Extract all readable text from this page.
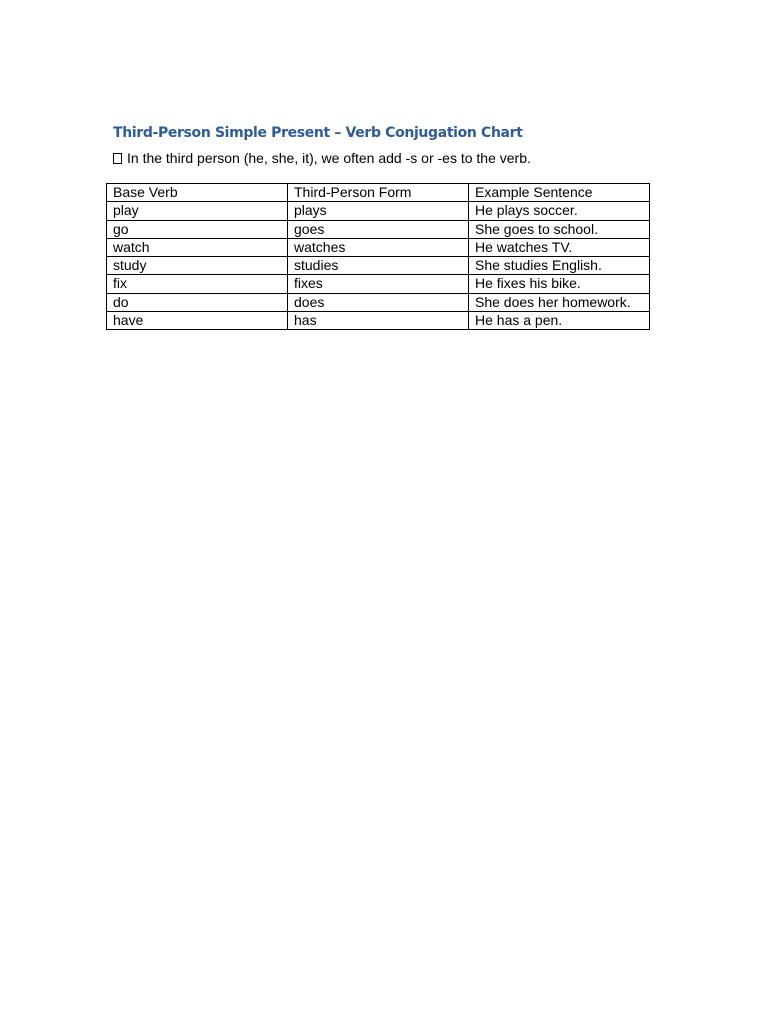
Third-Person Simple Present – Verb Conjugation Chart
In the third person (he, she, it), we often add -s or -es to the verb.
Base Verb	Third-Person Form	Example Sentence
play	plays	He plays soccer.
go	goes	She goes to school.
watch	watches	He watches TV.
study	studies	She studies English.
fix	fixes	He fixes his bike.
do	does	She does her homework.
have	has	He has a pen.
